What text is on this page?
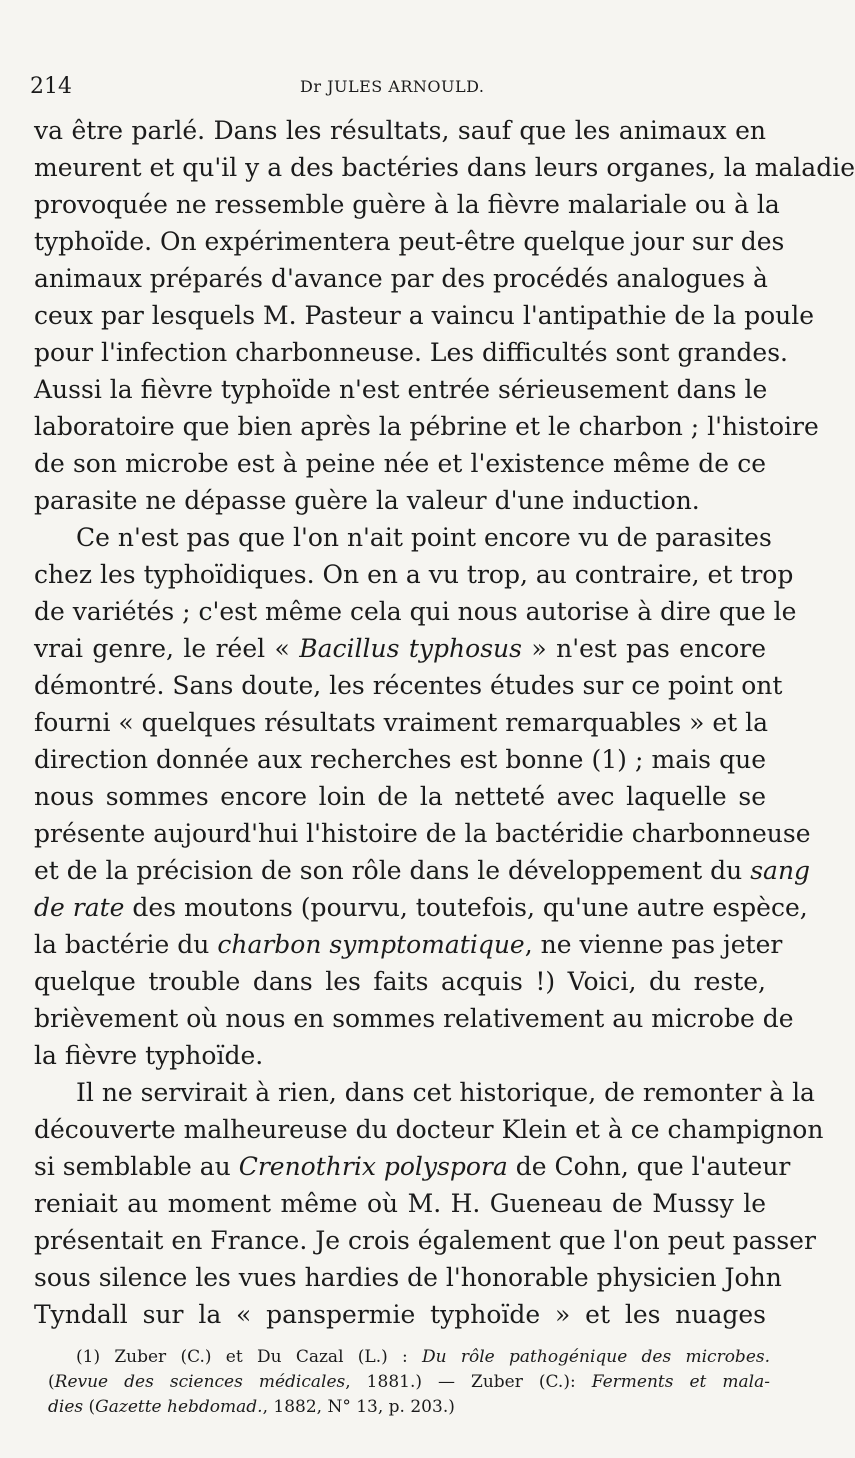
214	Dr JULES ARNOULD.
va être parlé. Dans les résultats, sauf que les animaux en
meurent et qu'il y a des bactéries dans leurs organes, la maladie
provoquée ne ressemble guère à la fièvre malariale ou à la
typhoïde. On expérimentera peut-être quelque jour sur des
animaux préparés d'avance par des procédés analogues à
ceux par lesquels M. Pasteur a vaincu l'antipathie de la poule
pour l'infection charbonneuse. Les difficultés sont grandes.
Aussi la fièvre typhoïde n'est entrée sérieusement dans le
laboratoire que bien après la pébrine et le charbon ; l'histoire
de son microbe est à peine née et l'existence même de ce
parasite ne dépasse guère la valeur d'une induction.
Ce n'est pas que l'on n'ait point encore vu de parasites
chez les typhoïdiques. On en a vu trop, au contraire, et trop
de variétés ; c'est même cela qui nous autorise à dire que le
vrai genre, le réel « Bacillus typhosus » n'est pas encore
démontré. Sans doute, les récentes études sur ce point ont
fourni « quelques résultats vraiment remarquables » et la
direction donnée aux recherches est bonne (1) ; mais que
nous sommes encore loin de la netteté avec laquelle se
présente aujourd'hui l'histoire de la bactéridie charbonneuse
et de la précision de son rôle dans le développement du sang
de rate des moutons (pourvu, toutefois, qu'une autre espèce,
la bactérie du charbon symptomatique, ne vienne pas jeter
quelque trouble dans les faits acquis !) Voici, du reste,
brièvement où nous en sommes relativement au microbe de
la fièvre typhoïde.
Il ne servirait à rien, dans cet historique, de remonter à la
découverte malheureuse du docteur Klein et à ce champignon
si semblable au Crenothrix polyspora de Cohn, que l'auteur
reniait au moment même où M. H. Gueneau de Mussy le
présentait en France. Je crois également que l'on peut passer
sous silence les vues hardies de l'honorable physicien John
Tyndall sur la « panspermie typhoïde » et les nuages
(1) Zuber (C.) et Du Cazal (L.) : Du rôle pathogénique des microbes.
(Revue des sciences médicales, 1881.) — Zuber (C.): Ferments et mala-
dies (Gazette hebdomad., 1882, N° 13, p. 203.)
